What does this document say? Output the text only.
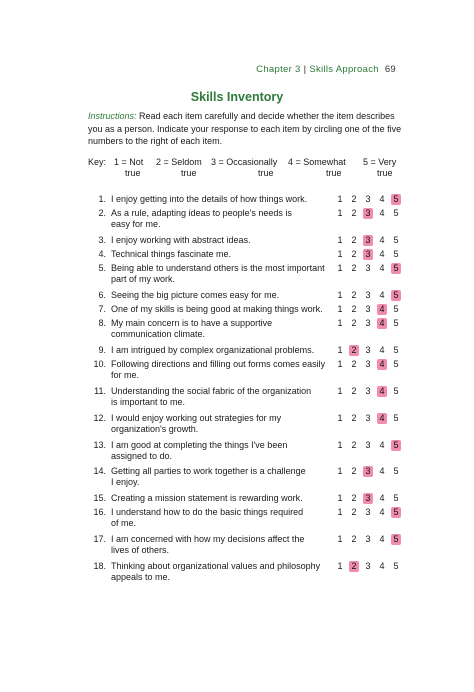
Chapter 3 | Skills Approach 69
Skills Inventory
Instructions: Read each item carefully and decide whether the item describes
you as a person. Indicate your response to each item by circling one of the five
numbers to the right of each item.
Key: 1 = Not
true
2 = Seldom
true
3 = Occasionally
true
4 = Somewhat
true
5 = Very
true
1. I enjoy getting into the details of how things work.	1 2 3 4 5
2. As a rule, adapting ideas to people's needs is
easy for me.
1 2 3 4 5
3. I enjoy working with abstract ideas.	1 2 3 4 5
4. Technical things fascinate me.	1 2 3 4 5
5. Being able to understand others is the most important
part of my work.
1 2 3 4 5
6. Seeing the big picture comes easy for me.	1 2 3 4 5
7. One of my skills is being good at making things work.	1 2 3 4 5
8. My main concern is to have a supportive
communication climate.
1 2 3 4 5
9. I am intrigued by complex organizational problems.	1 2 3 4 5
10. Following directions and filling out forms comes easily
for me.
1 2 3 4 5
11. Understanding the social fabric of the organization
is important to me.
1 2 3 4 5
12. I would enjoy working out strategies for my
organization's growth.
1 2 3 4 5
13. I am good at completing the things I've been
assigned to do.
1 2 3 4 5
14. Getting all parties to work together is a challenge
I enjoy.
1 2 3 4 5
15. Creating a mission statement is rewarding work.	1 2 3 4 5
16. I understand how to do the basic things required
of me.
1 2 3 4 5
17. I am concerned with how my decisions affect the
lives of others.
1 2 3 4 5
18. Thinking about organizational values and philosophy
appeals to me.
1 2 3 4 5
